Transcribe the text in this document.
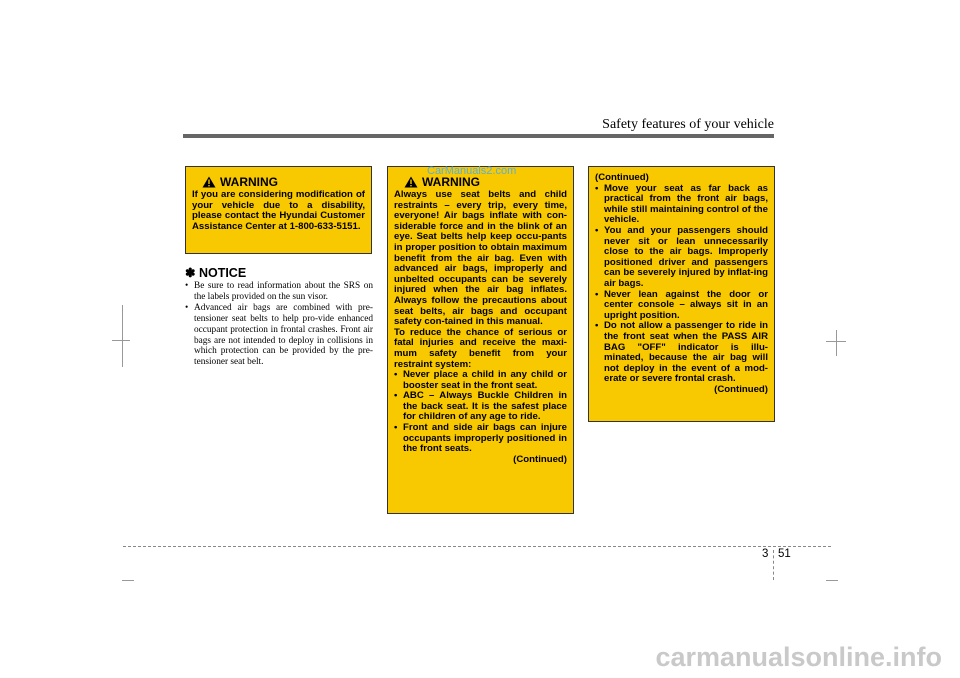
Safety features of your vehicle
WARNING
If you are considering modification of your vehicle due to a disability, please contact the Hyundai Customer Assistance Center at 1-800-633-5151.
✽ NOTICE
• Be sure to read information about the SRS on the labels provided on the sun visor.
• Advanced air bags are combined with pre-tensioner seat belts to help pro-vide enhanced occupant protection in frontal crashes. Front air bags are not intended to deploy in collisions in which protection can be provided by the pre-tensioner seat belt.
WARNING
Always use seat belts and child restraints – every trip, every time, everyone! Air bags inflate with con-siderable force and in the blink of an eye. Seat belts help keep occu-pants in proper position to obtain maximum benefit from the air bag. Even with advanced air bags, improperly and unbelted occupants can be severely injured when the air bag inflates. Always follow the precautions about seat belts, air bags and occupant safety con-tained in this manual.
To reduce the chance of serious or fatal injuries and receive the maxi-mum safety benefit from your restraint system:
• Never place a child in any child or booster seat in the front seat.
• ABC – Always Buckle Children in the back seat. It is the safest place for children of any age to ride.
• Front and side air bags can injure occupants improperly positioned in the front seats.
(Continued)
(Continued)
• Move your seat as far back as practical from the front air bags, while still maintaining control of the vehicle.
• You and your passengers should never sit or lean unnecessarily close to the air bags. Improperly positioned driver and passengers can be severely injured by inflat-ing air bags.
• Never lean against the door or center console – always sit in an upright position.
• Do not allow a passenger to ride in the front seat when the PASS AIR BAG "OFF" indicator is illu-minated, because the air bag will not deploy in the event of a mod-erate or severe frontal crash.
(Continued)
CarManuals2.com
3 51
carmanualsonline.info
